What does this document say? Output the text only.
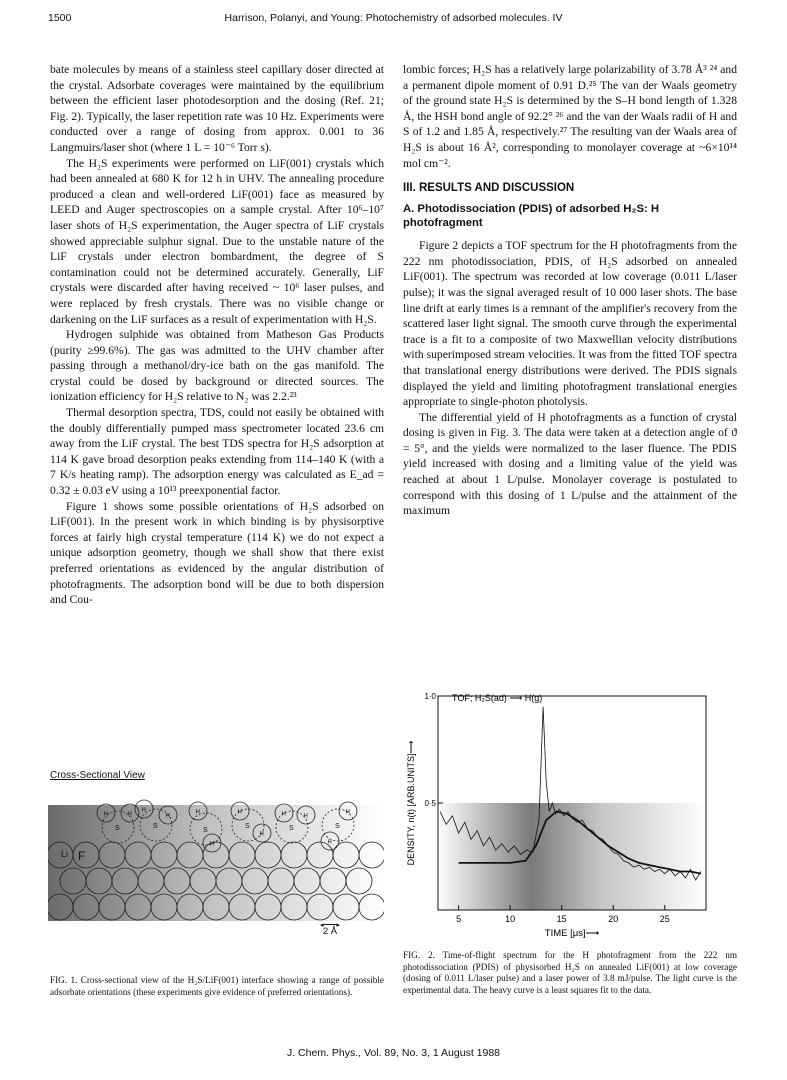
1500	Harrison, Polanyi, and Young: Photochemistry of adsorbed molecules. IV

bate molecules by means of a stainless steel capillary doser directed at the crystal. Adsorbate coverages were maintained by the equilibrium between the efficient laser photodesorption and the dosing (Ref. 21; Fig. 2). Typically, the laser repetition rate was 10 Hz. Experiments were conducted over a range of dosing from approx. 0.001 to 36 Langmuirs/laser shot (where 1 L = 10⁻⁶ Torr s).

The H₂S experiments were performed on LiF(001) crystals which had been annealed at 680 K for 12 h in UHV. The annealing procedure produced a clean and well-ordered LiF(001) face as measured by LEED and Auger spectroscopies on a sample crystal. After 10⁶–10⁷ laser shots of H₂S experimentation, the Auger spectra of LiF crystals showed appreciable sulphur signal. Due to the unstable nature of the LiF crystals under electron bombardment, the degree of S contamination could not be determined accurately. Generally, LiF crystals were discarded after having received ~ 10⁶ laser pulses, and were replaced by fresh crystals. There was no visible change or darkening on the LiF surfaces as a result of experimentation with H₂S.

Hydrogen sulphide was obtained from Matheson Gas Products (purity ≥99.6%). The gas was admitted to the UHV chamber after passing through a methanol/dry-ice bath on the gas manifold. The crystal could be dosed by background or directed sources. The ionization efficiency for H₂S relative to N₂ was 2.2.²³

Thermal desorption spectra, TDS, could not easily be obtained with the doubly differentially pumped mass spectrometer located 23.6 cm away from the LiF crystal. The best TDS spectra for H₂S adsorption at 114 K gave broad desorption peaks extending from 114–140 K (with a 7 K/s heating ramp). The adsorption energy was calculated as E_ad = 0.32 ± 0.03 eV using a 10¹³ preexponential factor.

Figure 1 shows some possible orientations of H₂S adsorbed on LiF(001). In the present work in which binding is by physisorptive forces at fairly high crystal temperature (114 K) we do not expect a unique adsorption geometry, though we shall show that there exist preferred orientations as evidenced by the angular distribution of photofragments. The adsorption bond will be due to both dispersion and Cou-

lombic forces; H₂S has a relatively large polarizability of 3.78 Å³ ²⁴ and a permanent dipole moment of 0.91 D.²⁵ The van der Waals geometry of the ground state H₂S is determined by the S–H bond length of 1.328 Å, the HSH bond angle of 92.2° ²⁶ and the van der Waals radii of H and S of 1.2 and 1.85 Å, respectively.²⁷ The resulting van der Waals area of H₂S is about 16 Å², corresponding to monolayer coverage at ~6×10¹⁴ mol cm⁻².

III. RESULTS AND DISCUSSION
A. Photodissociation (PDIS) of adsorbed H₂S: H photofragment

Figure 2 depicts a TOF spectrum for the H photofragments from the 222 nm photodissociation, PDIS, of H₂S adsorbed on annealed LiF(001). The spectrum was recorded at low coverage (0.011 L/laser pulse); it was the signal averaged result of 10 000 laser shots. The base line drift at early times is a remnant of the amplifier's recovery from the scattered laser light signal. The smooth curve through the experimental trace is a fit to a composite of two Maxwellian velocity distributions with superimposed stream velocities. It was from the fitted TOF spectra that translational energy distributions were derived. The PDIS signals displayed the yield and limiting photofragment translational energies appropriate to single-photon photolysis.

The differential yield of H photofragments as a function of crystal dosing is given in Fig. 3. The data were taken at a detection angle of ϑ = 5°, and the yields were normalized to the laser fluence. The PDIS yield increased with dosing and a limiting value of the yield was reached at about 1 L/pulse. Monolayer coverage is postulated to correspond with this dosing of 1 L/pulse and the attainment of the maximum

Cross-Sectional View
S
H	H
S
H
H
S
H
H
S
H
H
S
H	H
S
H
H
Li F
◂ ▸
2 Å
FIG. 1. Cross-sectional view of the H₂S/LiF(001) interface showing a range of possible adsorbate orientations (these experiments give evidence of preferred orientations).
5	10	15	20	25
0·5
1·0 TOF; H₂S(ad) ⟶ H(g)
TIME [μs]⟶
DENSITY, n(t) [ARB.UNITS]⟶
FIG. 2. Time-of-flight spectrum for the H photofragment from the 222 nm photodissociation (PDIS) of physisorbed H₂S on annealed LiF(001) at low coverage (dosing of 0.011 L/laser pulse) and a laser power of 3.8 mJ/pulse. The light curve is the experimental data. The heavy curve is a least squares fit to the data.
J. Chem. Phys., Vol. 89, No. 3, 1 August 1988
